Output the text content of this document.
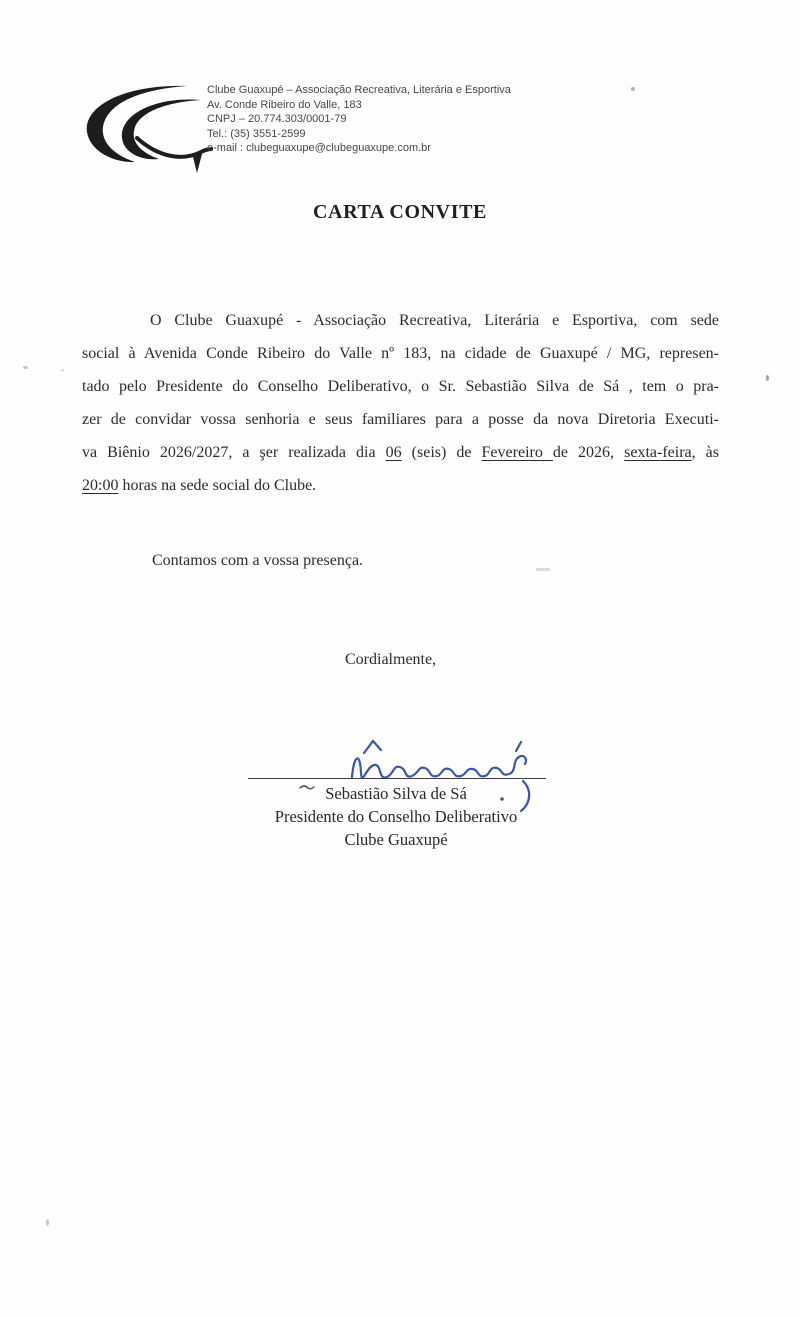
Clube Guaxupé – Associação Recreativa, Literária e Esportiva
Av. Conde Ribeiro do Valle, 183
CNPJ – 20.774.303/0001-79
Tel.: (35) 3551-2599
e-mail : clubeguaxupe@clubeguaxupe.com.br
CARTA CONVITE
O Clube Guaxupé - Associação Recreativa, Literária e Esportiva, com sede
social à Avenida Conde Ribeiro do Valle nº 183, na cidade de Guaxupé / MG, represen-
tado pelo Presidente do Conselho Deliberativo, o Sr. Sebastião Silva de Sá , tem o pra-
zer de convidar vossa senhoria e seus familiares para a posse da nova Diretoria Executi-
va Biênio 2026/2027, a şer realizada dia 06 (seis) de Fevereiro de 2026, sexta-feira, às
20:00 horas na sede social do Clube.
Contamos com a vossa presença.
Cordialmente,
Sebastião Silva de Sá
Presidente do Conselho Deliberativo
Clube Guaxupé
